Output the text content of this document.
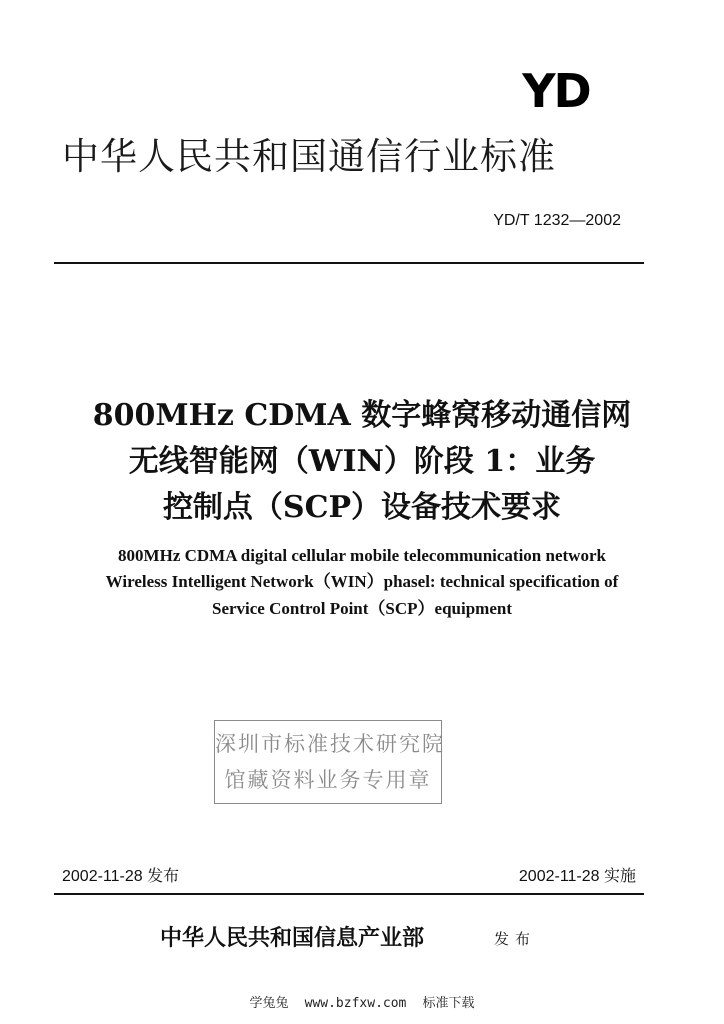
YD
中华人民共和国通信行业标准
YD/T 1232—2002
800MHz CDMA 数字蜂窝移动通信网
无线智能网（WIN）阶段 1：业务
控制点（SCP）设备技术要求
800MHz CDMA digital cellular mobile telecommunication network
Wireless Intelligent Network（WIN）phasel: technical specification of
Service Control Point（SCP）equipment
深圳市标准技术研究院
馆藏资料业务专用章
2002-11-28 发布	2002-11-28 实施
中华人民共和国信息产业部	发布
学兔兔 www.bzfxw.com 标准下载
